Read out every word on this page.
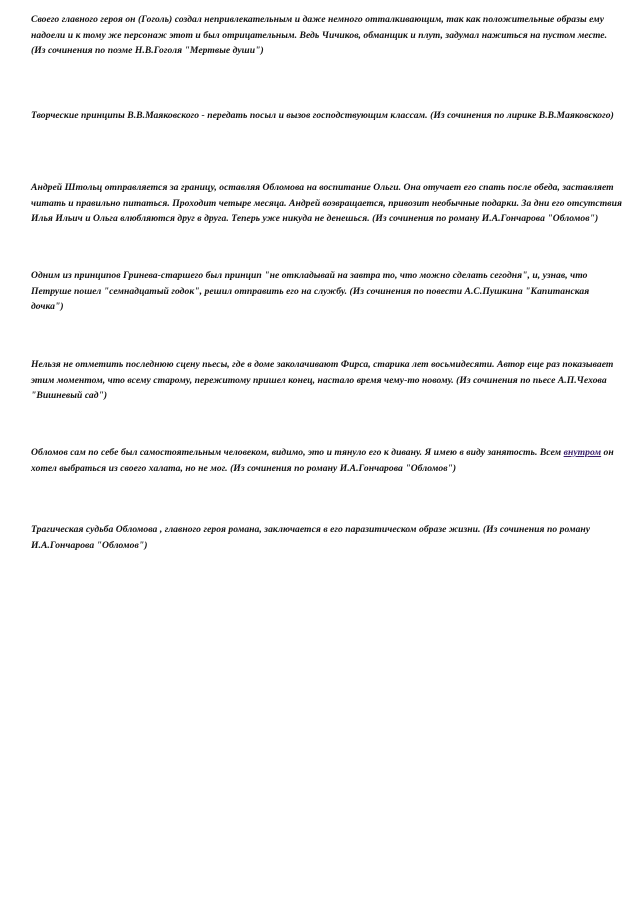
Своего главного героя он (Гоголь) создал непривлекательным и даже немного отталкивающим, так как положительные образы ему надоели и к тому же персонаж этот и был отрицательным. Ведь Чичиков, обманщик и плут, задумал нажиться на пустом месте. (Из сочинения по поэме Н.В.Гоголя "Мертвые души")

Творческие принципы В.В.Маяковского - передать посыл и вызов господствующим классам. (Из сочинения по лирике В.В.Маяковского)

Андрей Штольц отправляется за границу, оставляя Обломова на воспитание Ольги. Она отучает его спать после обеда, заставляет читать и правильно питаться. Проходит четыре месяца. Андрей возвращается, привозит необычные подарки. За дни его отсутствия Илья Ильич и Ольга влюбляются друг в друга. Теперь уже никуда не денешься. (Из сочинения по роману И.А.Гончарова "Обломов")

Одним из принципов Гринева-старшего был принцип "не откладывай на завтра то, что можно сделать сегодня", и, узнав, что Петруше пошел "семнадцатый годок", решил отправить его на службу. (Из сочинения по повести А.С.Пушкина "Капитанская дочка")

Нельзя не отметить последнюю сцену пьесы, где в доме заколачивают Фирса, старика лет восьмидесяти. Автор еще раз показывает этим моментом, что всему старому, пережитому пришел конец, настало время чему-то новому. (Из сочинения по пьесе А.П.Чехова "Вишневый сад")

Обломов сам по себе был самостоятельным человеком, видимо, это и тянуло его к дивану. Я имею в виду занятость. Всем внутром он хотел выбраться из своего халата, но не мог. (Из сочинения по роману И.А.Гончарова "Обломов")

Трагическая судьба Обломова , главного героя романа, заключается в его паразитическом образе жизни. (Из сочинения по роману И.А.Гончарова "Обломов")
